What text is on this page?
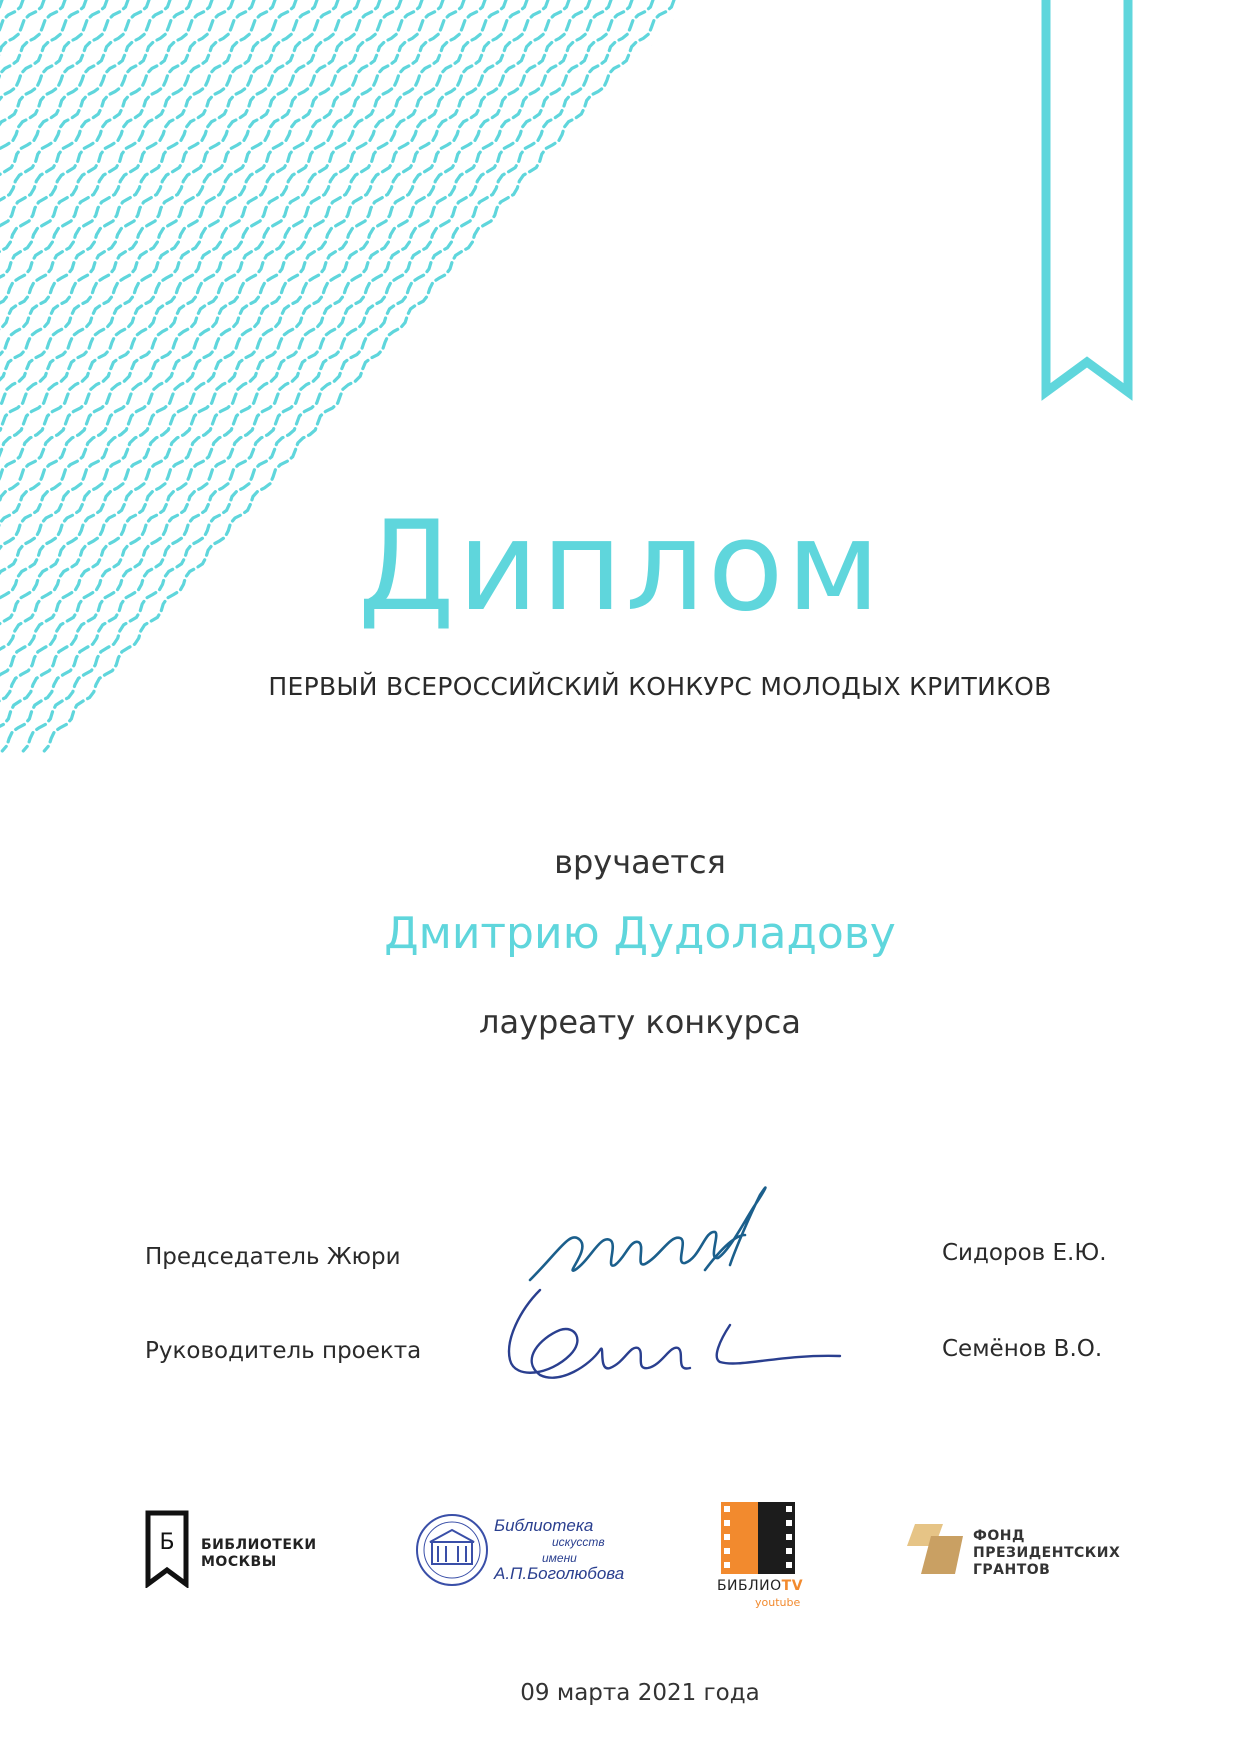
Диплом
ПЕРВЫЙ ВСЕРОССИЙСКИЙ КОНКУРС МОЛОДЫХ КРИТИКОВ
вручается
Дмитрию Дудоладову
лауреату конкурса
Председатель Жюри	Сидоров Е.Ю.
Руководитель проекта	Семёнов В.О.
Б	БИБЛИОТЕКИ
МОСКВЫ
Библиотека
искусств
имени
А.П.Боголюбова
БИБЛИОTV
youtube
ФОНД
ПРЕЗИДЕНТСКИХ
ГРАНТОВ
09 марта 2021 года
